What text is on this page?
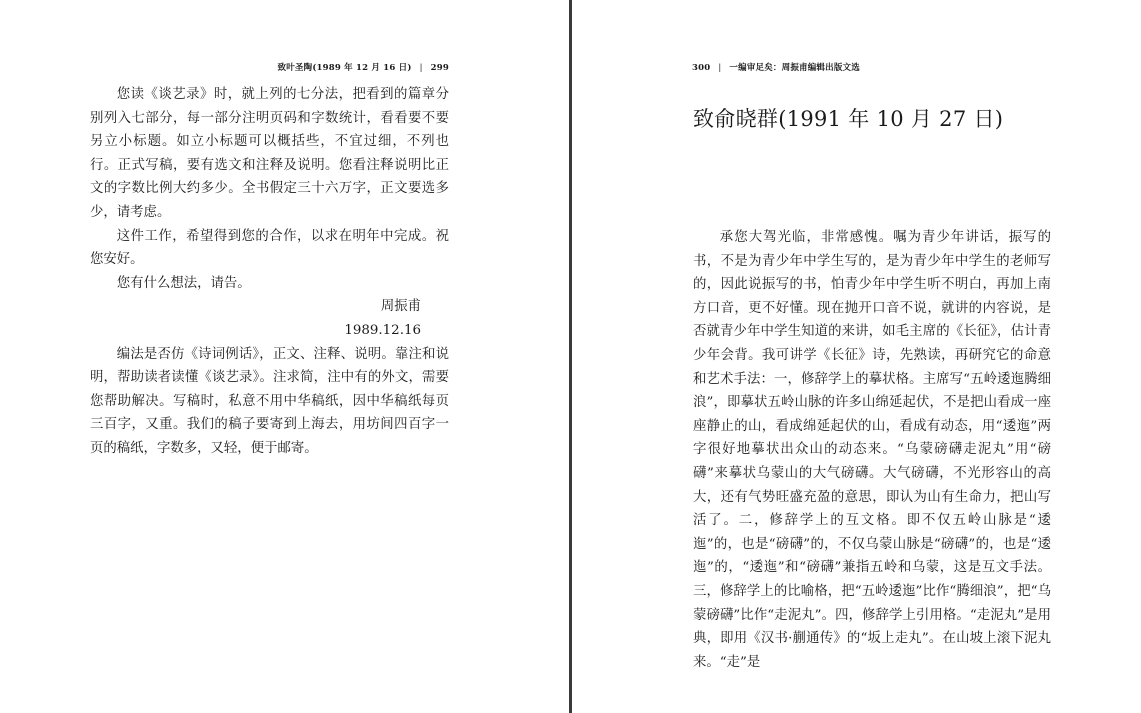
致叶圣陶(1989 年 12 月 16 日) | 299

您读《谈艺录》时，就上列的七分法，把看到的篇章分别列入七部分，每一部分注明页码和字数统计，看看要不要另立小标题。如立小标题可以概括些，不宜过细，不列也行。正式写稿，要有选文和注释及说明。您看注释说明比正文的字数比例大约多少。全书假定三十六万字，正文要选多少，请考虑。

这件工作，希望得到您的合作，以求在明年中完成。祝您安好。

您有什么想法，请告。

周振甫

1989.12.16

编法是否仿《诗词例话》，正文、注释、说明。靠注和说明，帮助读者读懂《谈艺录》。注求简，注中有的外文，需要您帮助解决。写稿时，私意不用中华稿纸，因中华稿纸每页三百字，又重。我们的稿子要寄到上海去，用坊间四百字一页的稿纸，字数多，又轻，便于邮寄。

300 | 一编审足矣：周振甫编辑出版文选
致俞晓群(1991 年 10 月 27 日)

承您大驾光临，非常感愧。嘱为青少年讲话，振写的书，不是为青少年中学生写的，是为青少年中学生的老师写的，因此说振写的书，怕青少年中学生听不明白，再加上南方口音，更不好懂。现在抛开口音不说，就讲的内容说，是否就青少年中学生知道的来讲，如毛主席的《长征》，估计青少年会背。我可讲学《长征》诗，先熟读，再研究它的命意和艺术手法：一，修辞学上的摹状格。主席写“五岭逶迤腾细浪”，即摹状五岭山脉的许多山绵延起伏，不是把山看成一座座静止的山，看成绵延起伏的山，看成有动态，用“逶迤”两字很好地摹状出众山的动态来。“乌蒙磅礴走泥丸”用“磅礴”来摹状乌蒙山的大气磅礴。大气磅礴，不光形容山的高大，还有气势旺盛充盈的意思，即认为山有生命力，把山写活了。二，修辞学上的互文格。即不仅五岭山脉是“逶迤”的，也是“磅礴”的，不仅乌蒙山脉是“磅礴”的，也是“逶迤”的，“逶迤”和“磅礴”兼指五岭和乌蒙，这是互文手法。三，修辞学上的比喻格，把“五岭逶迤”比作“腾细浪”，把“乌蒙磅礴”比作“走泥丸”。四，修辞学上引用格。“走泥丸”是用典，即用《汉书·蒯通传》的“坂上走丸”。在山坡上滚下泥丸来。“走”是
